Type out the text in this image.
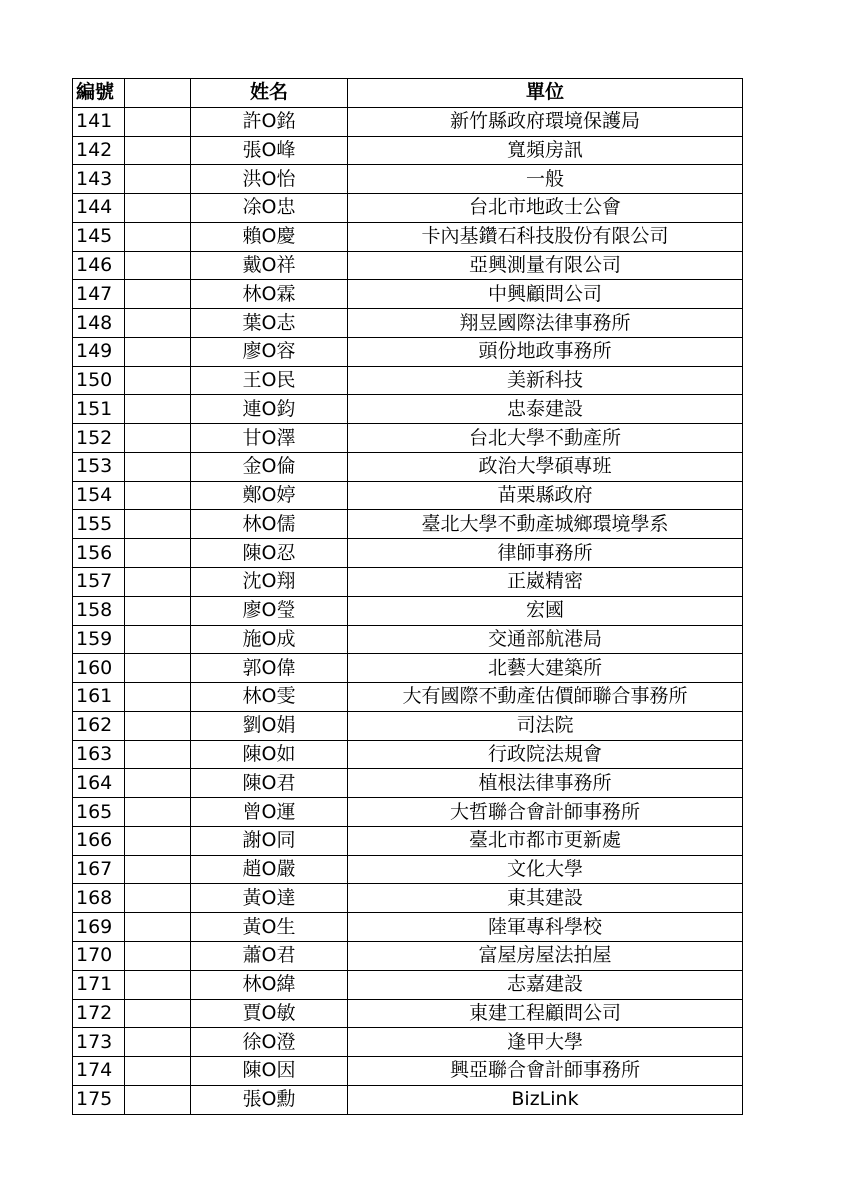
編號		姓名	單位
141		許O銘	新竹縣政府環境保護局
142		張O峰	寬頻房訊
143		洪O怡	一般
144		凃O忠	台北市地政士公會
145		賴O慶	卡內基鑽石科技股份有限公司
146		戴O祥	亞興測量有限公司
147		林O霖	中興顧問公司
148		葉O志	翔昱國際法律事務所
149		廖O容	頭份地政事務所
150		王O民	美新科技
151		連O鈞	忠泰建設
152		甘O澤	台北大學不動產所
153		金O倫	政治大學碩專班
154		鄭O婷	苗栗縣政府
155		林O儒	臺北大學不動產城鄉環境學系
156		陳O忍	律師事務所
157		沈O翔	正崴精密
158		廖O瑩	宏國
159		施O成	交通部航港局
160		郭O偉	北藝大建築所
161		林O雯	大有國際不動產估價師聯合事務所
162		劉O娟	司法院
163		陳O如	行政院法規會
164		陳O君	植根法律事務所
165		曾O運	大哲聯合會計師事務所
166		謝O同	臺北市都市更新處
167		趙O嚴	文化大學
168		黃O達	東其建設
169		黃O生	陸軍專科學校
170		蕭O君	富屋房屋法拍屋
171		林O緯	志嘉建設
172		賈O敏	東建工程顧問公司
173		徐O澄	逢甲大學
174		陳O因	興亞聯合會計師事務所
175		張O勳	BizLink
